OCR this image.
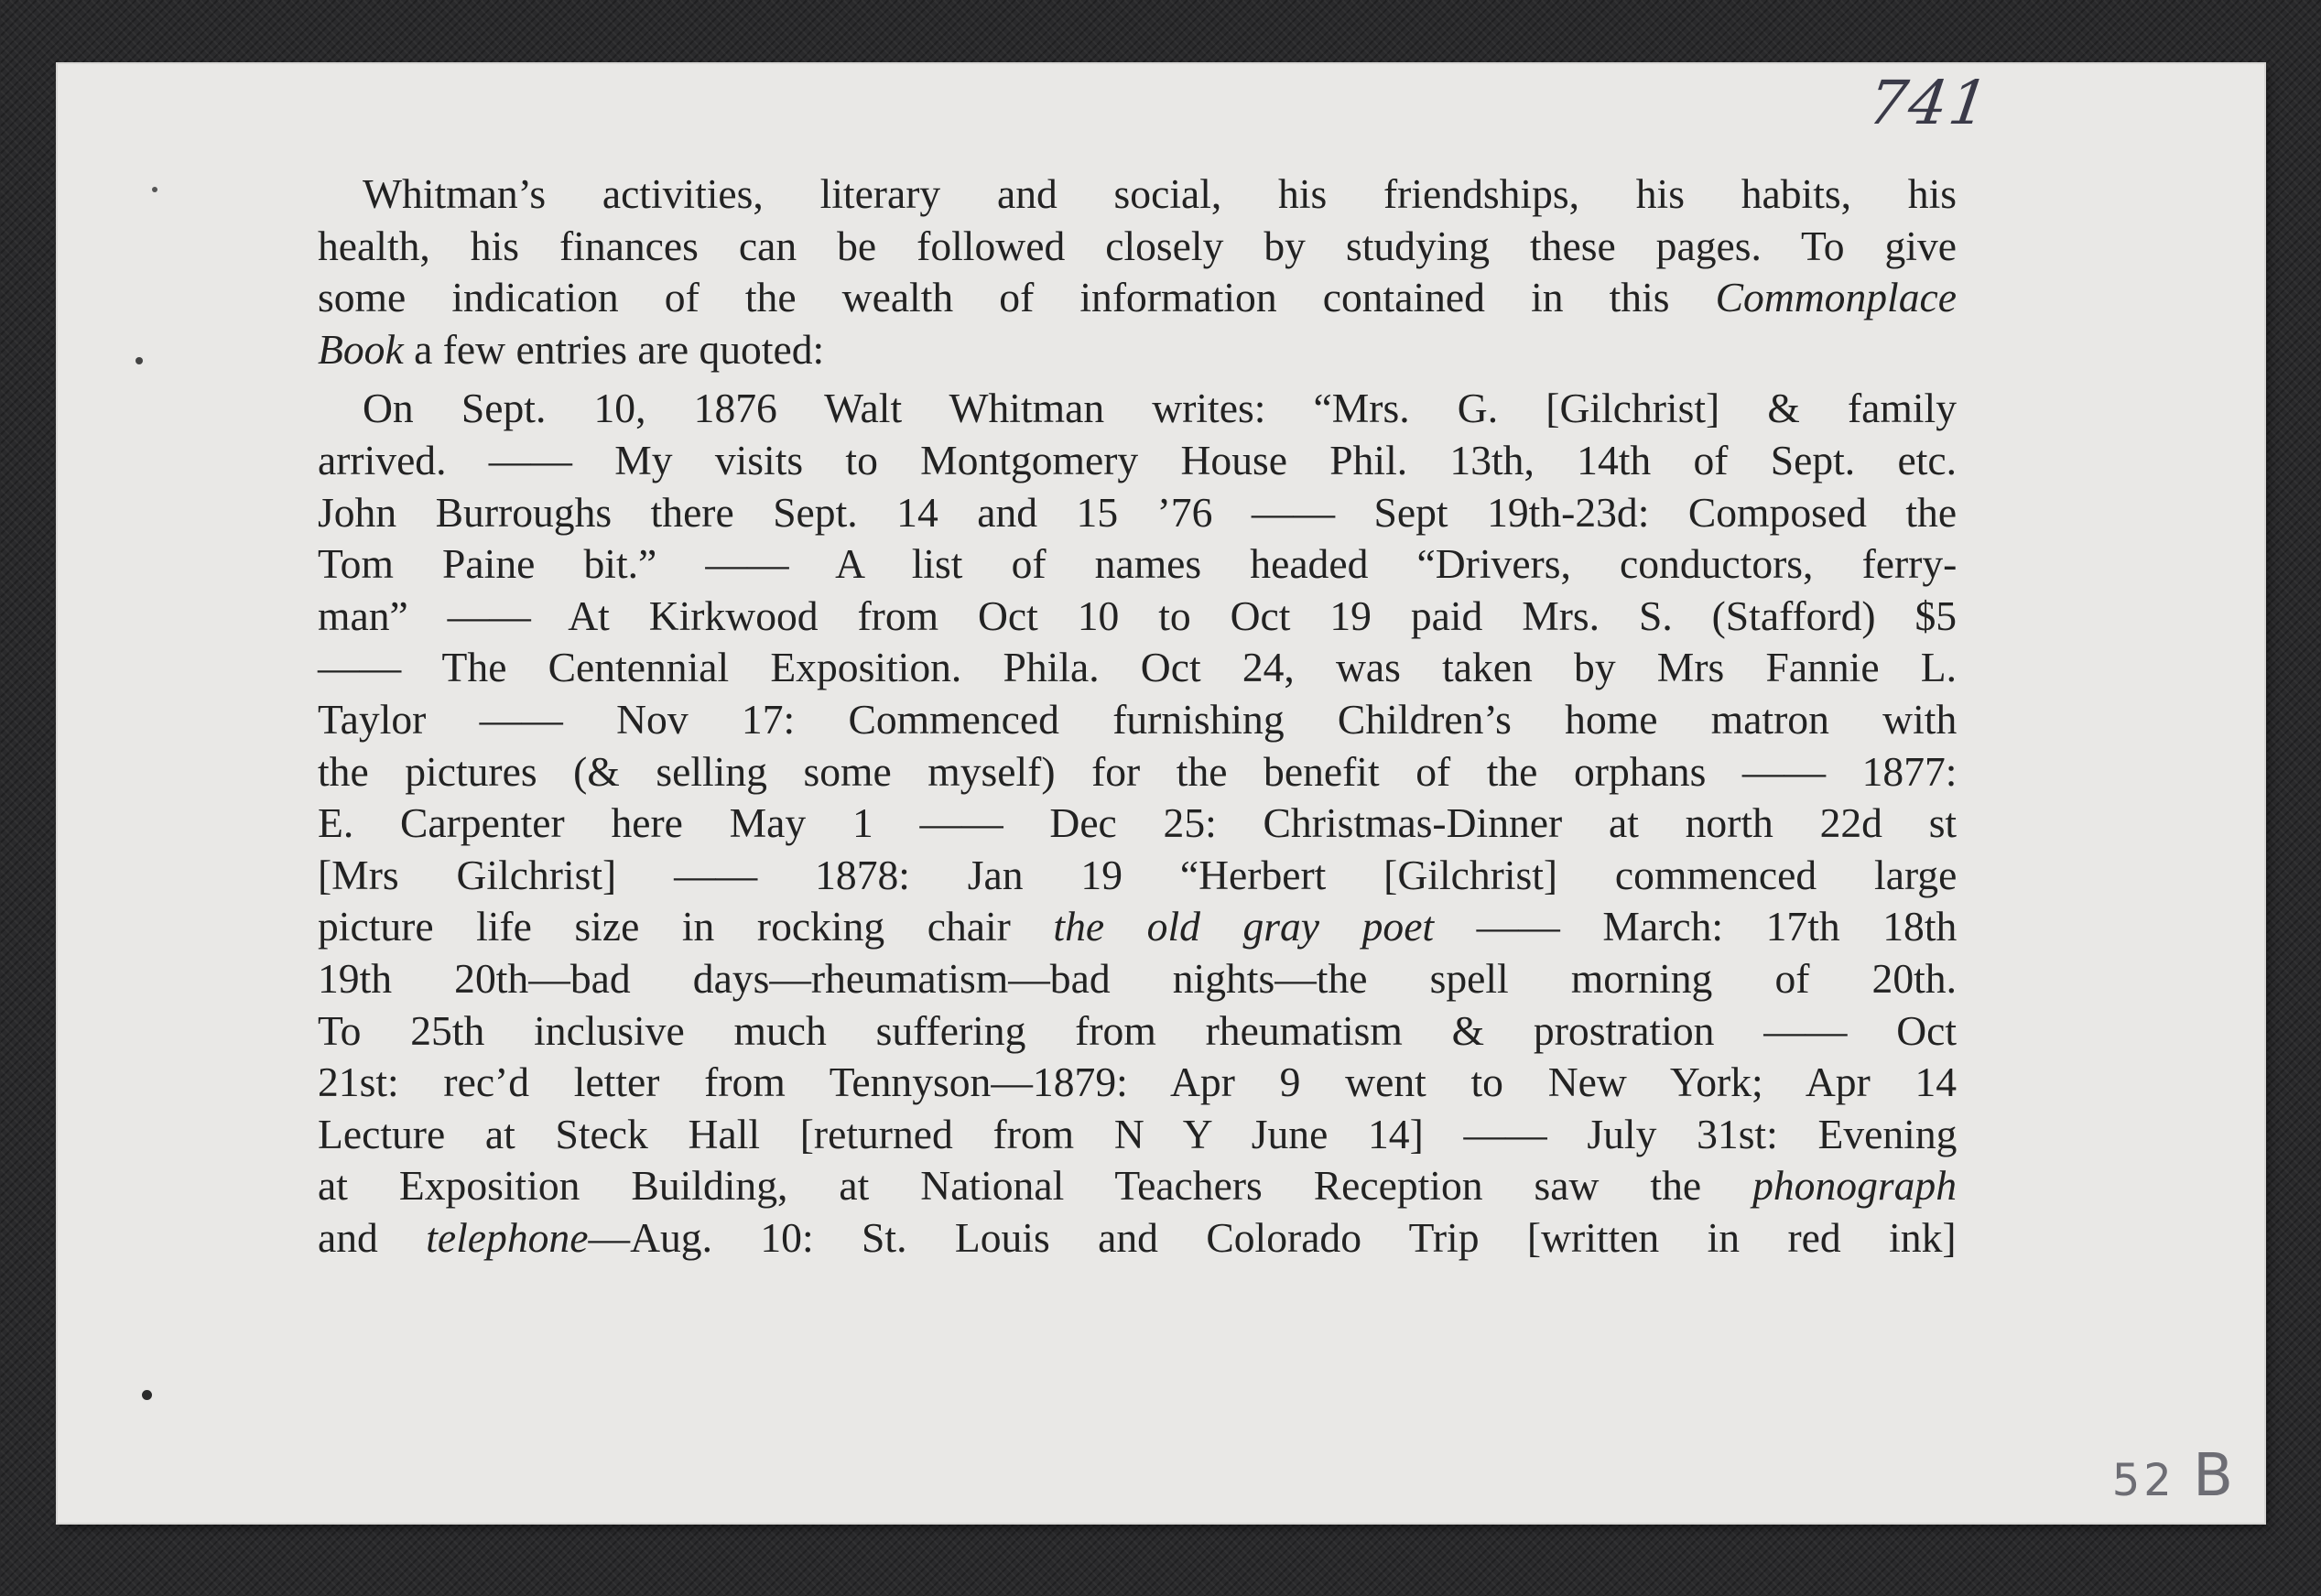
741
Whitman’s activities, literary and social, his friendships, his habits, his
health, his finances can be followed closely by studying these pages. To give
some indication of the wealth of information contained in this Commonplace
Book a few entries are quoted:
On Sept. 10, 1876 Walt Whitman writes: “Mrs. G. [Gilchrist] & family
arrived. —— My visits to Montgomery House Phil. 13th, 14th of Sept. etc.
John Burroughs there Sept. 14 and 15 ’76 —— Sept 19th-23d: Composed the
Tom Paine bit.” —— A list of names headed “Drivers, conductors, ferry-
man” —— At Kirkwood from Oct 10 to Oct 19 paid Mrs. S. (Stafford) $5
—— The Centennial Exposition. Phila. Oct 24, was taken by Mrs Fannie L.
Taylor —— Nov 17: Commenced furnishing Children’s home matron with
the pictures (& selling some myself) for the benefit of the orphans —— 1877:
E. Carpenter here May 1 —— Dec 25: Christmas-Dinner at north 22d st
[Mrs Gilchrist] —— 1878: Jan 19 “Herbert [Gilchrist] commenced large
picture life size in rocking chair the old gray poet —— March: 17th 18th
19th 20th—bad days—rheumatism—bad nights—the spell morning of 20th.
To 25th inclusive much suffering from rheumatism & prostration —— Oct
21st: rec’d letter from Tennyson—1879: Apr 9 went to New York; Apr 14
Lecture at Steck Hall [returned from N Y June 14] —— July 31st: Evening
at Exposition Building, at National Teachers Reception saw the phonograph
and telephone—Aug. 10: St. Louis and Colorado Trip [written in red ink]
52 B
